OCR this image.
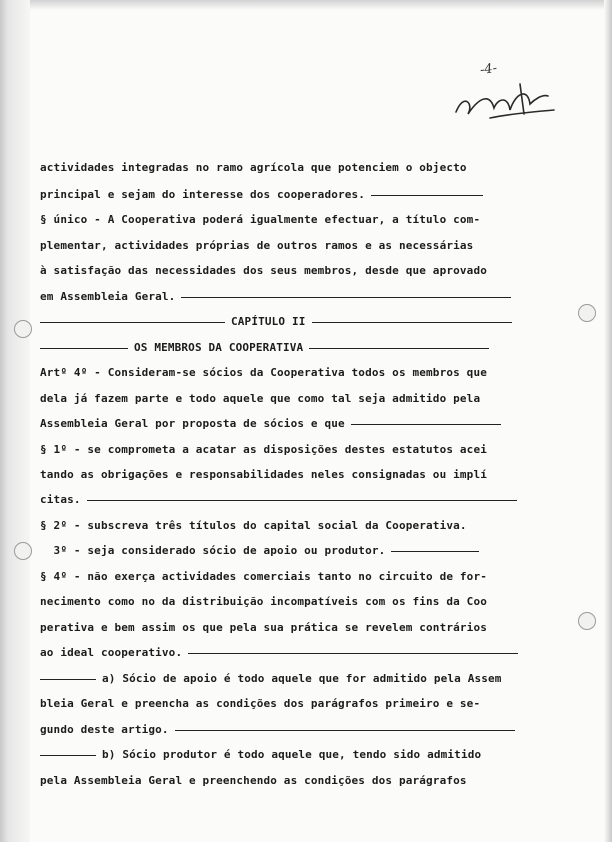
-4-
actividades integradas no ramo agrícola que potenciem o objecto
principal e sejam do interesse dos cooperadores.
§ único - A Cooperativa poderá igualmente efectuar, a título com-
plementar, actividades próprias de outros ramos e as necessárias
à satisfação das necessidades dos seus membros, desde que aprovado
em Assembleia Geral.
CAPÍTULO II
OS MEMBROS DA COOPERATIVA
Artº 4º - Consideram-se sócios da Cooperativa todos os membros que
dela já fazem parte e todo aquele que como tal seja admitido pela
Assembleia Geral por proposta de sócios e que
§ 1º - se comprometa a acatar as disposições destes estatutos acei
tando as obrigações e responsabilidades neles consignadas ou implí
citas.
§ 2º - subscreva três títulos do capital social da Cooperativa.
3º - seja considerado sócio de apoio ou produtor.
§ 4º - não exerça actividades comerciais tanto no circuito de for-
necimento como no da distribuição incompatíveis com os fins da Coo
perativa e bem assim os que pela sua prática se revelem contrários
ao ideal cooperativo.
a) Sócio de apoio é todo aquele que for admitido pela Assem
bleia Geral e preencha as condições dos parágrafos primeiro e se-
gundo deste artigo.
b) Sócio produtor é todo aquele que, tendo sido admitido
pela Assembleia Geral e preenchendo as condições dos parágrafos
